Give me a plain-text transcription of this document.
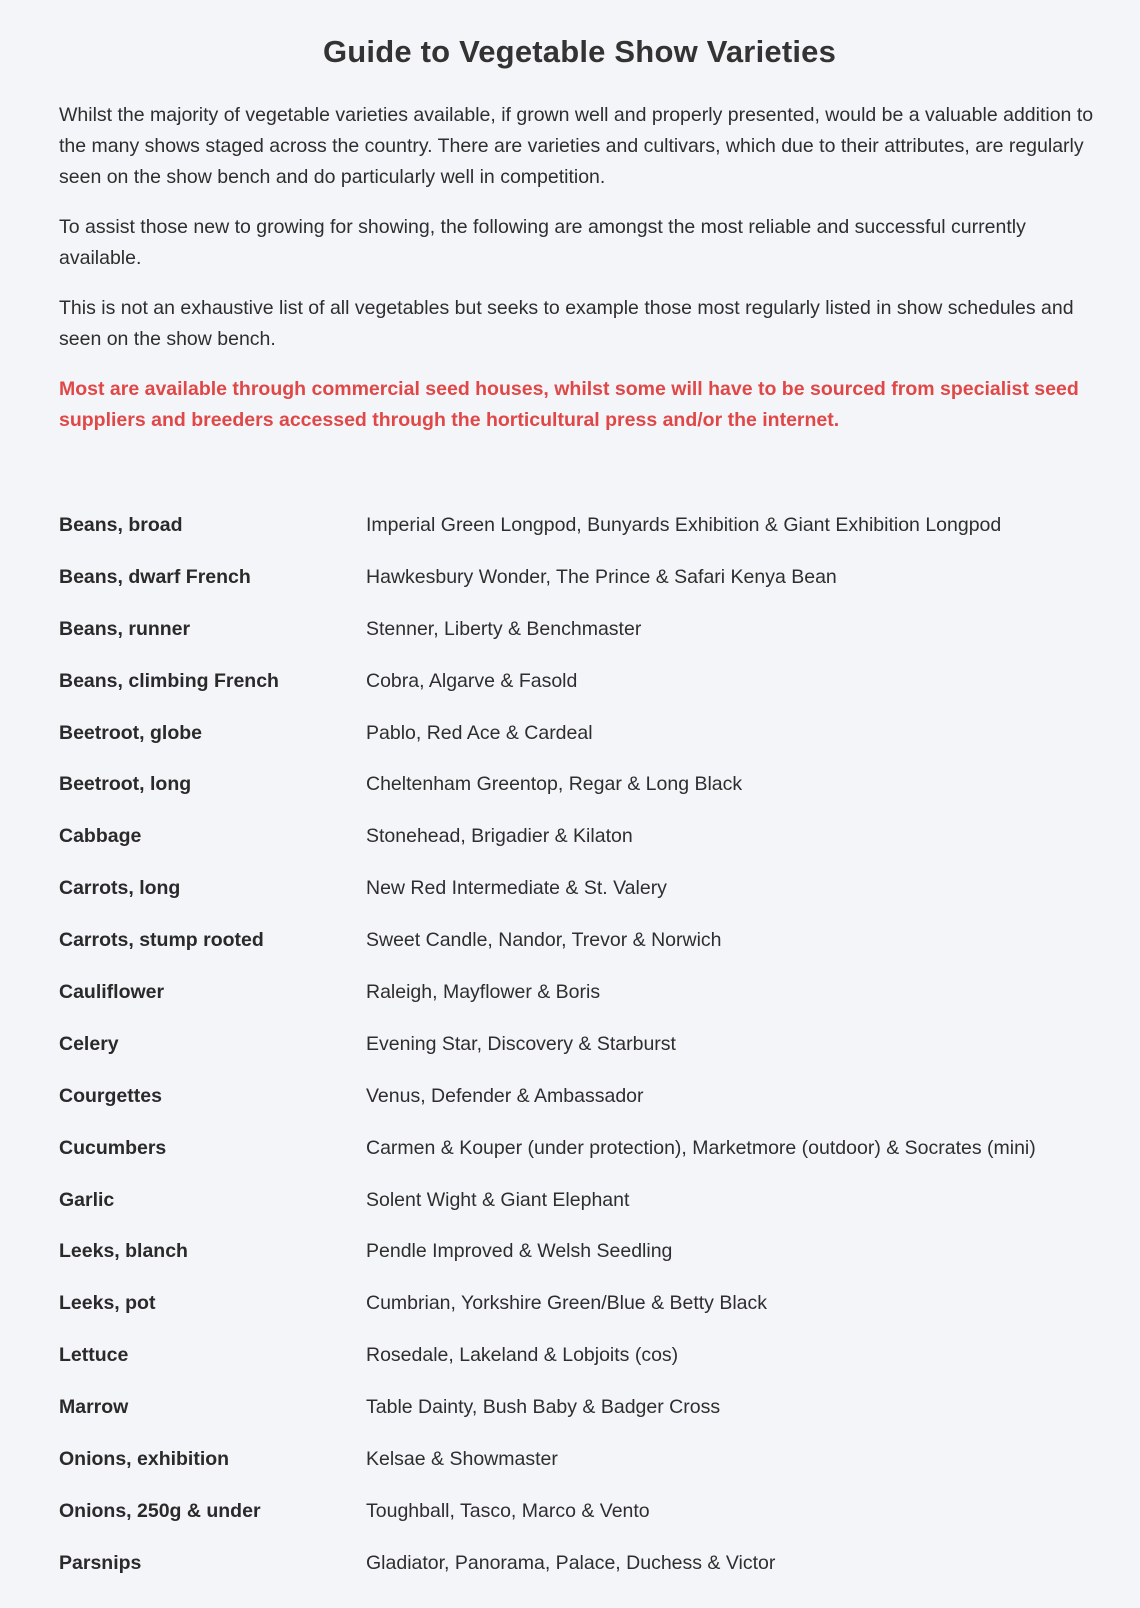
Guide to Vegetable Show Varieties

Whilst the majority of vegetable varieties available, if grown well and properly presented, would be a valuable addition to the many shows staged across the country. There are varieties and cultivars, which due to their attributes, are regularly seen on the show bench and do particularly well in competition.

To assist those new to growing for showing, the following are amongst the most reliable and successful currently available.

This is not an exhaustive list of all vegetables but seeks to example those most regularly listed in show schedules and seen on the show bench.

Most are available through commercial seed houses, whilst some will have to be sourced from specialist seed suppliers and breeders accessed through the horticultural press and/or the internet.

Beans, broad	Imperial Green Longpod, Bunyards Exhibition & Giant Exhibition Longpod
Beans, dwarf French	Hawkesbury Wonder, The Prince & Safari Kenya Bean
Beans, runner	Stenner, Liberty & Benchmaster
Beans, climbing French	Cobra, Algarve & Fasold
Beetroot, globe	Pablo, Red Ace & Cardeal
Beetroot, long	Cheltenham Greentop, Regar & Long Black
Cabbage	Stonehead, Brigadier & Kilaton
Carrots, long	New Red Intermediate & St. Valery
Carrots, stump rooted	Sweet Candle, Nandor, Trevor & Norwich
Cauliflower	Raleigh, Mayflower & Boris
Celery	Evening Star, Discovery & Starburst
Courgettes	Venus, Defender & Ambassador
Cucumbers	Carmen & Kouper (under protection), Marketmore (outdoor) & Socrates (mini)
Garlic	Solent Wight & Giant Elephant
Leeks, blanch	Pendle Improved & Welsh Seedling
Leeks, pot	Cumbrian, Yorkshire Green/Blue & Betty Black
Lettuce	Rosedale, Lakeland & Lobjoits (cos)
Marrow	Table Dainty, Bush Baby & Badger Cross
Onions, exhibition	Kelsae & Showmaster
Onions, 250g & under	Toughball, Tasco, Marco & Vento
Parsnips	Gladiator, Panorama, Palace, Duchess & Victor
